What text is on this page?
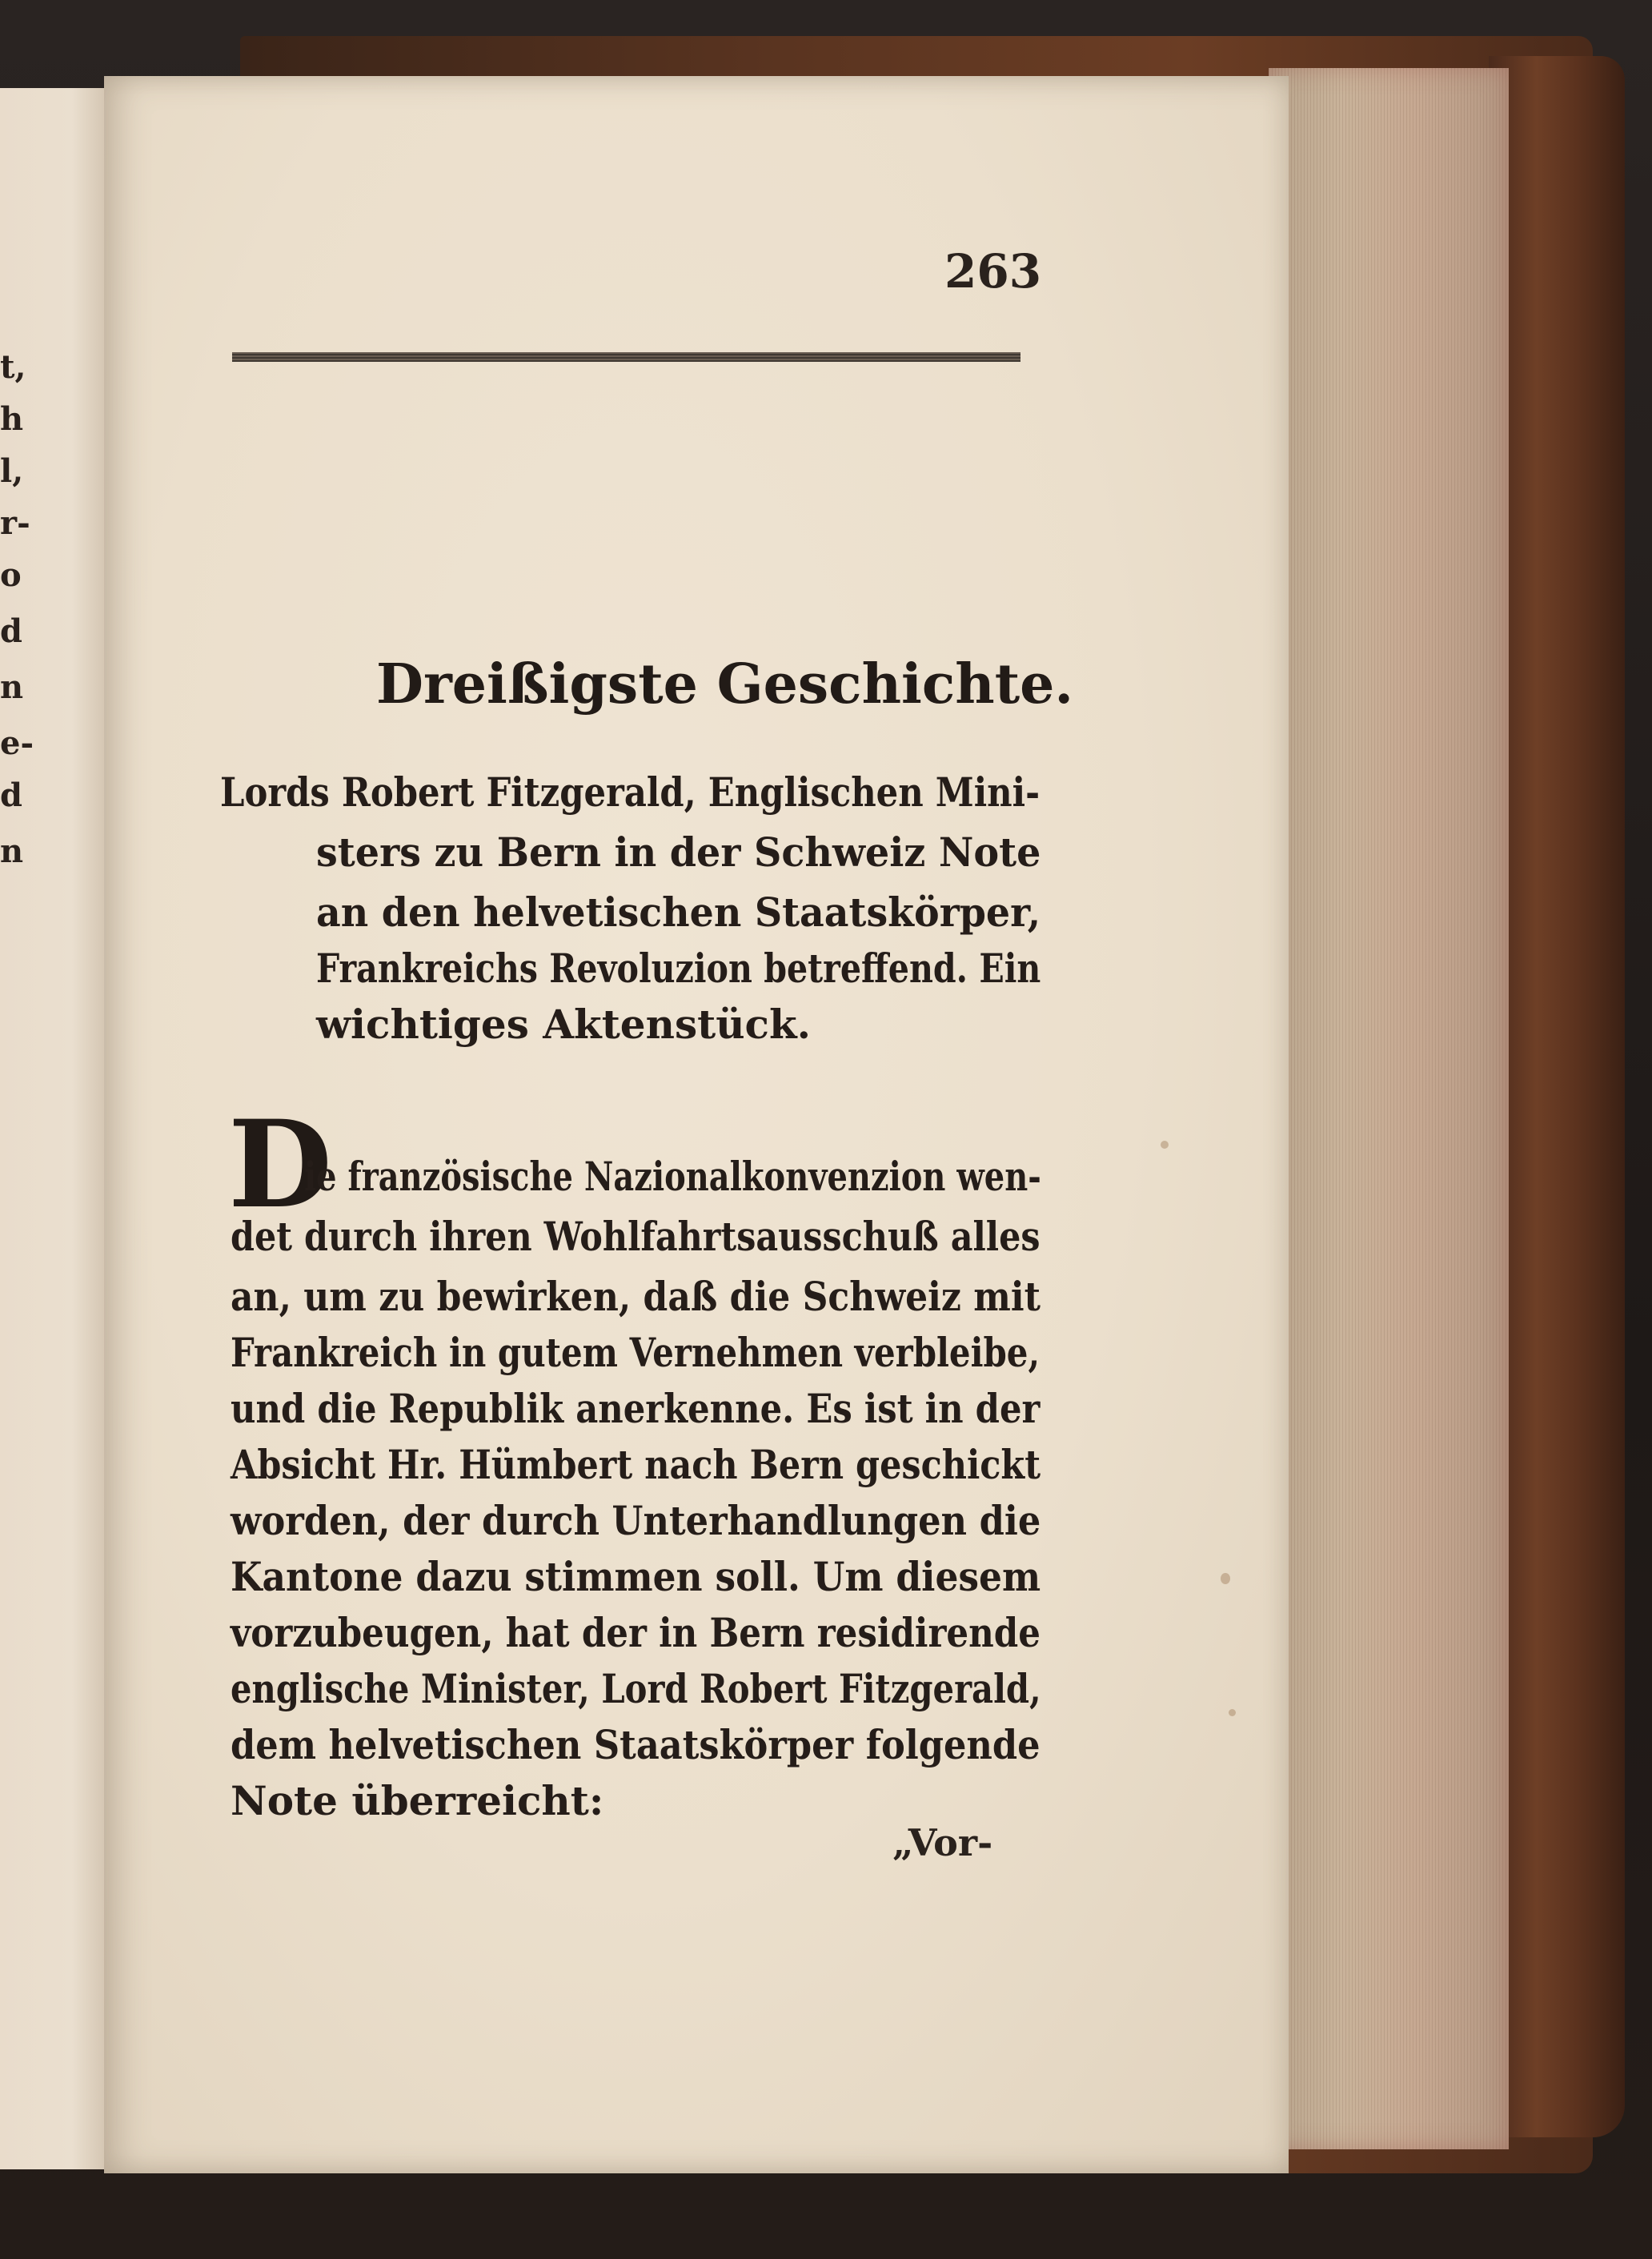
t,
h
l,
r-
o
d
n
e-
d
n
263
Dreißigste Geschichte.
Lords Robert Fitzgerald, Englischen Mini-
sters zu Bern in der Schweiz Note
an den helvetischen Staatskörper,
Frankreichs Revoluzion betreffend. Ein
wichtiges Aktenstück.
D
ie französische Nazionalkonvenzion wen-
det durch ihren Wohlfahrtsausschuß alles
an, um zu bewirken, daß die Schweiz mit
Frankreich in gutem Vernehmen verbleibe,
und die Republik anerkenne. Es ist in der
Absicht Hr. Hümbert nach Bern geschickt
worden, der durch Unterhandlungen die
Kantone dazu stimmen soll. Um diesem
vorzubeugen, hat der in Bern residirende
englische Minister, Lord Robert Fitzgerald,
dem helvetischen Staatskörper folgende
Note überreicht:
„Vor-
